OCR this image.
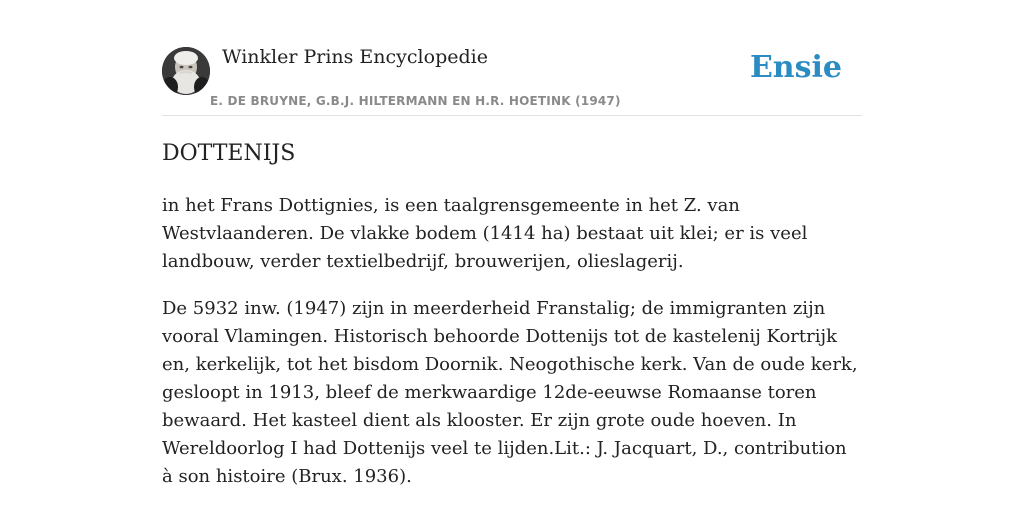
Winkler Prins Encyclopedie
E. DE BRUYNE, G.B.J. HILTERMANN EN H.R. HOETINK (1947)
Ensie
DOTTENIJS

in het Frans Dottignies, is een taalgrensgemeente in het Z. van Westvlaanderen. De vlakke bodem (1414 ha) bestaat uit klei; er is veel landbouw, verder textielbedrijf, brouwerijen, olieslagerij.

De 5932 inw. (1947) zijn in meerderheid Franstalig; de immigranten zijn vooral Vlamingen. Historisch behoorde Dottenijs tot de kastelenij Kortrijk en, kerkelijk, tot het bisdom Doornik. Neogothische kerk. Van de oude kerk, gesloopt in 1913, bleef de merkwaardige 12de-eeuwse Romaanse toren bewaard. Het kasteel dient als klooster. Er zijn grote oude hoeven. In Wereldoorlog I had Dottenijs veel te lijden.Lit.: J. Jacquart, D., contribution à son histoire (Brux. 1936).
